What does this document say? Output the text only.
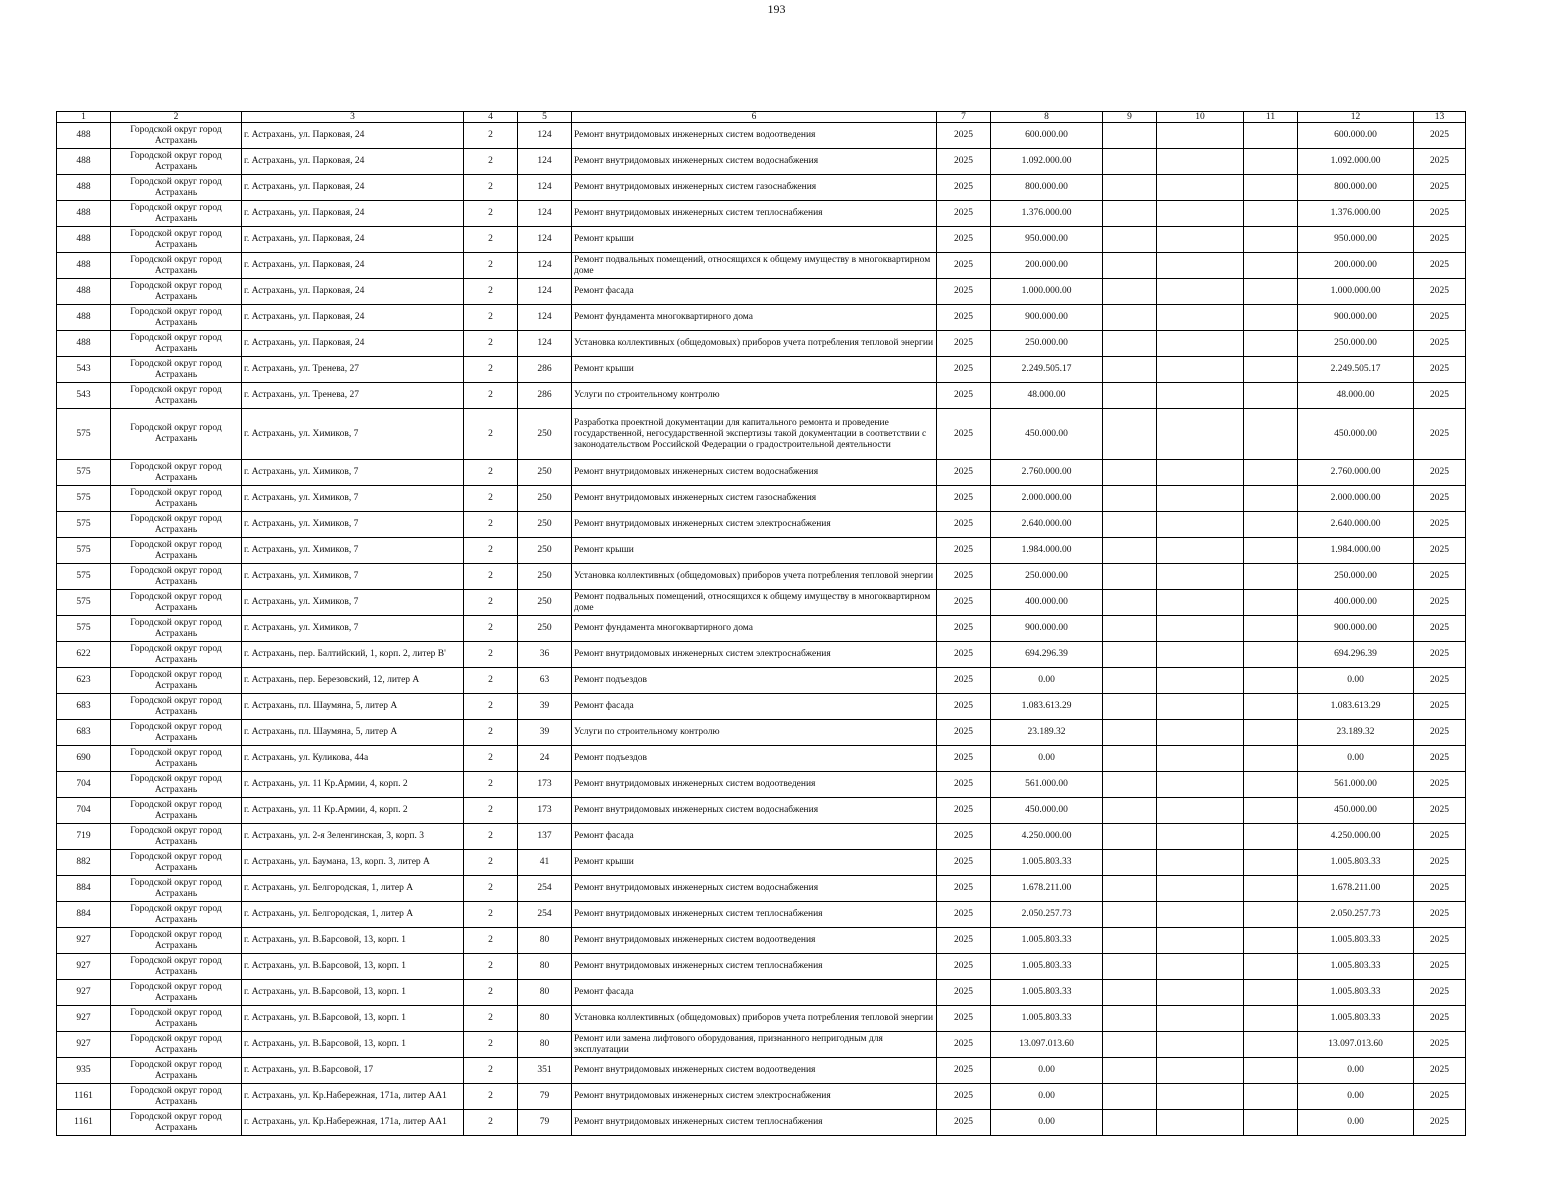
193
1	2	3	4	5	6	7	8	9	10	11	12	13
488	Городской округ город Астрахань	г. Астрахань, ул. Парковая, 24	2	124	Ремонт внутридомовых инженерных систем водоотведения	2025	600.000.00				600.000.00	2025
488	Городской округ город Астрахань	г. Астрахань, ул. Парковая, 24	2	124	Ремонт внутридомовых инженерных систем водоснабжения	2025	1.092.000.00				1.092.000.00	2025
488	Городской округ город Астрахань	г. Астрахань, ул. Парковая, 24	2	124	Ремонт внутридомовых инженерных систем газоснабжения	2025	800.000.00				800.000.00	2025
488	Городской округ город Астрахань	г. Астрахань, ул. Парковая, 24	2	124	Ремонт внутридомовых инженерных систем теплоснабжения	2025	1.376.000.00				1.376.000.00	2025
488	Городской округ город Астрахань	г. Астрахань, ул. Парковая, 24	2	124	Ремонт крыши	2025	950.000.00				950.000.00	2025
488	Городской округ город Астрахань	г. Астрахань, ул. Парковая, 24	2	124	Ремонт подвальных помещений, относящихся к общему имуществу в многоквартирном доме	2025	200.000.00				200.000.00	2025
488	Городской округ город Астрахань	г. Астрахань, ул. Парковая, 24	2	124	Ремонт фасада	2025	1.000.000.00				1.000.000.00	2025
488	Городской округ город Астрахань	г. Астрахань, ул. Парковая, 24	2	124	Ремонт фундамента многоквартирного дома	2025	900.000.00				900.000.00	2025
488	Городской округ город Астрахань	г. Астрахань, ул. Парковая, 24	2	124	Установка коллективных (общедомовых) приборов учета потребления тепловой энергии	2025	250.000.00				250.000.00	2025
543	Городской округ город Астрахань	г. Астрахань, ул. Тренева, 27	2	286	Ремонт крыши	2025	2.249.505.17				2.249.505.17	2025
543	Городской округ город Астрахань	г. Астрахань, ул. Тренева, 27	2	286	Услуги по строительному контролю	2025	48.000.00				48.000.00	2025
575	Городской округ город Астрахань	г. Астрахань, ул. Химиков, 7	2	250	Разработка проектной документации для капитального ремонта и проведение государственной, негосударственной экспертизы такой документации в соответствии с законодательством Российской Федерации о градостроительной деятельности	2025	450.000.00				450.000.00	2025
575	Городской округ город Астрахань	г. Астрахань, ул. Химиков, 7	2	250	Ремонт внутридомовых инженерных систем водоснабжения	2025	2.760.000.00				2.760.000.00	2025
575	Городской округ город Астрахань	г. Астрахань, ул. Химиков, 7	2	250	Ремонт внутридомовых инженерных систем газоснабжения	2025	2.000.000.00				2.000.000.00	2025
575	Городской округ город Астрахань	г. Астрахань, ул. Химиков, 7	2	250	Ремонт внутридомовых инженерных систем электроснабжения	2025	2.640.000.00				2.640.000.00	2025
575	Городской округ город Астрахань	г. Астрахань, ул. Химиков, 7	2	250	Ремонт крыши	2025	1.984.000.00				1.984.000.00	2025
575	Городской округ город Астрахань	г. Астрахань, ул. Химиков, 7	2	250	Установка коллективных (общедомовых) приборов учета потребления тепловой энергии	2025	250.000.00				250.000.00	2025
575	Городской округ город Астрахань	г. Астрахань, ул. Химиков, 7	2	250	Ремонт подвальных помещений, относящихся к общему имуществу в многоквартирном доме	2025	400.000.00				400.000.00	2025
575	Городской округ город Астрахань	г. Астрахань, ул. Химиков, 7	2	250	Ремонт фундамента многоквартирного дома	2025	900.000.00				900.000.00	2025
622	Городской округ город Астрахань	г. Астрахань, пер. Балтийский, 1, корп. 2, литер В'	2	36	Ремонт внутридомовых инженерных систем электроснабжения	2025	694.296.39				694.296.39	2025
623	Городской округ город Астрахань	г. Астрахань, пер. Березовский, 12, литер А	2	63	Ремонт подъездов	2025	0.00				0.00	2025
683	Городской округ город Астрахань	г. Астрахань, пл. Шаумяна, 5, литер А	2	39	Ремонт фасада	2025	1.083.613.29				1.083.613.29	2025
683	Городской округ город Астрахань	г. Астрахань, пл. Шаумяна, 5, литер А	2	39	Услуги по строительному контролю	2025	23.189.32				23.189.32	2025
690	Городской округ город Астрахань	г. Астрахань, ул. Куликова, 44а	2	24	Ремонт подъездов	2025	0.00				0.00	2025
704	Городской округ город Астрахань	г. Астрахань, ул. 11 Кр.Армии, 4, корп. 2	2	173	Ремонт внутридомовых инженерных систем водоотведения	2025	561.000.00				561.000.00	2025
704	Городской округ город Астрахань	г. Астрахань, ул. 11 Кр.Армии, 4, корп. 2	2	173	Ремонт внутридомовых инженерных систем водоснабжения	2025	450.000.00				450.000.00	2025
719	Городской округ город Астрахань	г. Астрахань, ул. 2-я Зеленгинская, 3, корп. 3	2	137	Ремонт фасада	2025	4.250.000.00				4.250.000.00	2025
882	Городской округ город Астрахань	г. Астрахань, ул. Баумана, 13, корп. 3, литер А	2	41	Ремонт крыши	2025	1.005.803.33				1.005.803.33	2025
884	Городской округ город Астрахань	г. Астрахань, ул. Белгородская, 1, литер А	2	254	Ремонт внутридомовых инженерных систем водоснабжения	2025	1.678.211.00				1.678.211.00	2025
884	Городской округ город Астрахань	г. Астрахань, ул. Белгородская, 1, литер А	2	254	Ремонт внутридомовых инженерных систем теплоснабжения	2025	2.050.257.73				2.050.257.73	2025
927	Городской округ город Астрахань	г. Астрахань, ул. В.Барсовой, 13, корп. 1	2	80	Ремонт внутридомовых инженерных систем водоотведения	2025	1.005.803.33				1.005.803.33	2025
927	Городской округ город Астрахань	г. Астрахань, ул. В.Барсовой, 13, корп. 1	2	80	Ремонт внутридомовых инженерных систем теплоснабжения	2025	1.005.803.33				1.005.803.33	2025
927	Городской округ город Астрахань	г. Астрахань, ул. В.Барсовой, 13, корп. 1	2	80	Ремонт фасада	2025	1.005.803.33				1.005.803.33	2025
927	Городской округ город Астрахань	г. Астрахань, ул. В.Барсовой, 13, корп. 1	2	80	Установка коллективных (общедомовых) приборов учета потребления тепловой энергии	2025	1.005.803.33				1.005.803.33	2025
927	Городской округ город Астрахань	г. Астрахань, ул. В.Барсовой, 13, корп. 1	2	80	Ремонт или замена лифтового оборудования, признанного непригодным для эксплуатации	2025	13.097.013.60				13.097.013.60	2025
935	Городской округ город Астрахань	г. Астрахань, ул. В.Барсовой, 17	2	351	Ремонт внутридомовых инженерных систем водоотведения	2025	0.00				0.00	2025
1161	Городской округ город Астрахань	г. Астрахань, ул. Кр.Набережная, 171а, литер АА1	2	79	Ремонт внутридомовых инженерных систем электроснабжения	2025	0.00				0.00	2025
1161	Городской округ город Астрахань	г. Астрахань, ул. Кр.Набережная, 171а, литер АА1	2	79	Ремонт внутридомовых инженерных систем теплоснабжения	2025	0.00				0.00	2025
